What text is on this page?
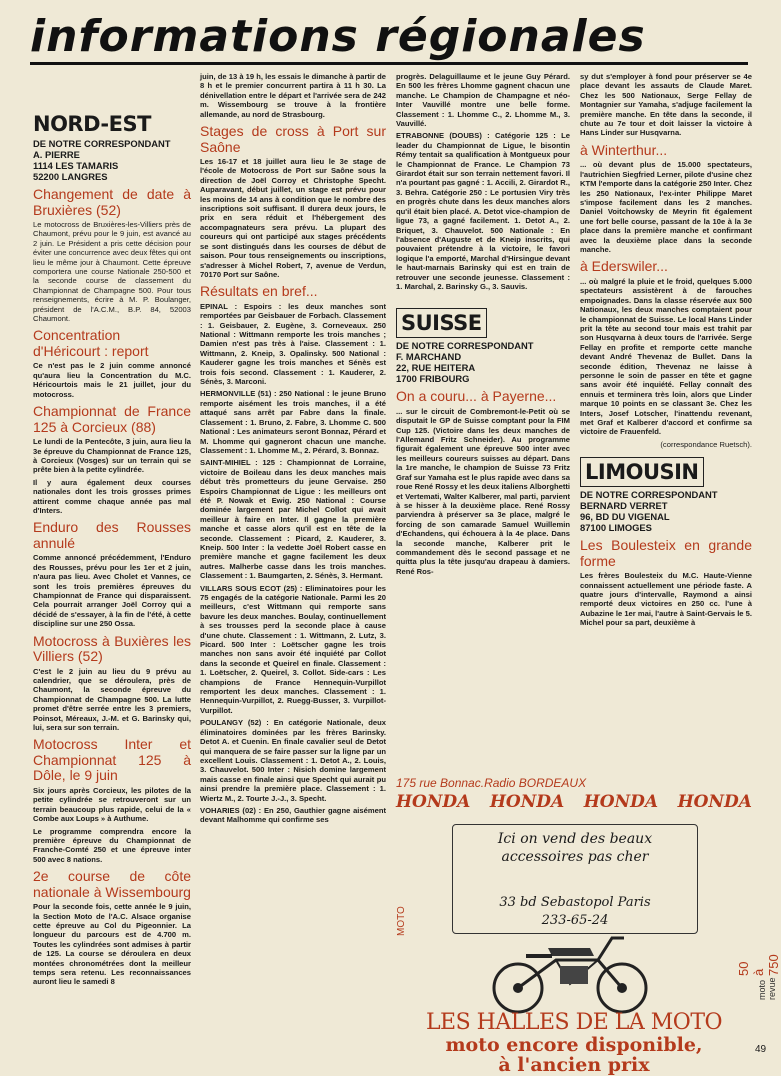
informations régionales
NORD-EST
DE NOTRE CORRESPONDANT
A. PIERRE
1114 LES TAMARIS
52200 LANGRES
Changement de date à Bruxières (52)

Le motocross de Bruxières-les-Villiers près de Chaumont, prévu pour le 9 juin, est avancé au 2 juin. Le Président a pris cette décision pour éviter une concurrence avec deux fêtes qui ont lieu le même jour à Chaumont. Cette épreuve comportera une course Nationale 250-500 et la seconde course de classement du Championnat de Champagne 500. Pour tous renseignements, écrire à M. P. Boulanger, président de l'A.C.M., B.P. 84, 52003 Chaumont.

Concentration d'Héricourt : report

Ce n'est pas le 2 juin comme annoncé qu'aura lieu la Concentration du M.C. Héricourtois mais le 21 juillet, jour du motocross.

Championnat de France 125 à Corcieux (88)

Le lundi de la Pentecôte, 3 juin, aura lieu la 3e épreuve du Championnat de France 125, à Corcieux (Vosges) sur un terrain qui se prête bien à la petite cylindrée.

Il y aura également deux courses nationales dont les trois grosses primes attirent comme chaque année pas mal d'Inters.

Enduro des Rousses annulé

Comme annoncé précédemment, l'Enduro des Rousses, prévu pour les 1er et 2 juin, n'aura pas lieu. Avec Cholet et Vannes, ce sont les trois premières épreuves du Championnat de France qui disparaissent. Cela pourrait arranger Joël Corroy qui a décidé de s'essayer, à la fin de l'été, à cette discipline sur une 250 Ossa.

Motocross à Buxières les Villiers (52)

C'est le 2 juin au lieu du 9 prévu au calendrier, que se déroulera, près de Chaumont, la seconde épreuve du Championnat de Champagne 500. La lutte promet d'être serrée entre les 3 premiers, Poinsot, Méreaux, J.-M. et G. Barinsky qui, lui, sera sur son terrain.

Motocross Inter et Championnat 125 à Dôle, le 9 juin

Six jours après Corcieux, les pilotes de la petite cylindrée se retrouveront sur un terrain beaucoup plus rapide, celui de la « Combe aux Loups » à Authume.

Le programme comprendra encore la première épreuve du Championnat de Franche-Comté 250 et une épreuve inter 500 avec 8 nations.

2e course de côte nationale à Wissembourg

Pour la seconde fois, cette année le 9 juin, la Section Moto de l'A.C. Alsace organise cette épreuve au Col du Pigeonnier. La longueur du parcours est de 4.700 m. Toutes les cylindrées sont admises à partir de 125. La course se déroulera en deux montées chronométrées dont la meilleur temps sera retenu. Les reconnaissances auront lieu le samedi 8

juin, de 13 à 19 h, les essais le dimanche à partir de 8 h et le premier concurrent partira à 11 h 30. La dénivellation entre le départ et l'arrivée sera de 242 m. Wissembourg se trouve à la frontière allemande, au nord de Strasbourg.

Stages de cross à Port sur Saône

Les 16-17 et 18 juillet aura lieu le 3e stage de l'école de Motocross de Port sur Saône sous la direction de Joël Corroy et Christophe Specht. Auparavant, début juillet, un stage est prévu pour les moins de 14 ans à condition que le nombre des inscriptions soit suffisant. Il durera deux jours, le prix en sera réduit et l'hébergement des accompagnateurs sera prévu. La plupart des coureurs qui ont participé aux stages précédents se sont distingués dans les courses de début de saison. Pour tous renseignements ou inscriptions, s'adresser à Michel Robert, 7, avenue de Verdun, 70170 Port sur Saône.

Résultats en bref...

EPINAL : Espoirs : les deux manches sont remportées par Geisbauer de Forbach. Classement : 1. Geisbauer, 2. Eugène, 3. Corneveaux. 250 National : Wittmann remporte les trois manches ; Damien n'est pas très à l'aise. Classement : 1. Wittmann, 2. Kneip, 3. Opalinsky. 500 National : Kauderer gagne les trois manches et Sénès est trois fois second. Classement : 1. Kauderer, 2. Sénès, 3. Marconi.

HERMONVILLE (51) : 250 National : le jeune Bruno remporte aisément les trois manches, il a été attaqué sans arrêt par Fabre dans la finale. Classement : 1. Bruno, 2. Fabre, 3. Lhomme C. 500 National : Les animateurs seront Bonnaz, Pérard et M. Lhomme qui gagneront chacun une manche. Classement : 1. Lhomme M., 2. Pérard, 3. Bonnaz.

SAINT-MIHIEL : 125 : Championnat de Lorraine, victoire de Boileau dans les deux manches mais début très prometteurs du jeune Gervaise. 250 Espoirs Championnat de Ligue : les meilleurs ont été P. Nowak et Ewig. 250 National : Course dominée largement par Michel Collot qui avait meilleur à faire en Inter. Il gagne la première manche et casse alors qu'il est en tête de la seconde. Classement : Picard, 2. Kauderer, 3. Kneip. 500 Inter : la vedette Joël Robert casse en première manche et gagne facilement les deux autres. Malherbe casse dans les trois manches. Classement : 1. Baumgarten, 2. Sénès, 3. Hermant.

VILLARS SOUS ECOT (25) : Eliminatoires pour les 75 engagés de la catégorie Nationale. Parmi les 20 meilleurs, c'est Wittmann qui remporte sans bavure les deux manches. Boulay, continuellement à ses trousses perd la seconde place à cause d'une chute. Classement : 1. Wittmann, 2. Lutz, 3. Picard. 500 Inter : Loëtscher gagne les trois manches non sans avoir été inquiété par Collot dans la seconde et Queirel en finale. Classement : 1. Loëtscher, 2. Queirel, 3. Collot. Side-cars : Les champions de France Hennequin-Vurpillot remportent les deux manches. Classement : 1. Hennequin-Vurpillot, 2. Ruegg-Busser, 3. Vurpillot-Vurpillot.

POULANGY (52) : En catégorie Nationale, deux éliminatoires dominées par les frères Barinsky. Detot A. et Cuenin. En finale cavalier seul de Detot qui manquera de se faire passer sur la ligne par un excellent Louis. Classement : 1. Detot A., 2. Louis, 3. Chauvelot. 500 Inter : Nisich domine largement mais casse en finale ainsi que Specht qui aurait pu ainsi prendre la première place. Classement : 1. Wiertz M., 2. Tourte J.-J., 3. Specht.

VOHARIES (02) : En 250, Gauthier gagne aisément devant Malhomme qui confirme ses

progrès. Delaguillaume et le jeune Guy Pérard. En 500 les frères Lhomme gagnent chacun une manche. Le Champion de Champagne et néo-Inter Vauvillé montre une belle forme. Classement : 1. Lhomme C., 2. Lhomme M., 3. Vauvillé.

ETRABONNE (DOUBS) : Catégorie 125 : Le leader du Championnat de Ligue, le bisontin Rémy tentait sa qualification à Montgueux pour le Championnat de France. Le Champion 73 Girardot était sur son terrain nettement favori. Il n'a pourtant pas gagné : 1. Accili, 2. Girardot R., 3. Behra. Catégorie 250 : Le portusien Viry très en progrès chute dans les deux manches alors qu'il était bien placé. A. Detot vice-champion de ligue 73, a gagné facilement. 1. Detot A., 2. Briquet, 3. Chauvelot. 500 Nationale : En l'absence d'Auguste et de Kneip inscrits, qui pouvaient prétendre à la victoire, le favori logique l'a emporté, Marchal d'Hirsingue devant le haut-marnais Barinsky qui est en train de retrouver une seconde jeunesse. Classement : 1. Marchal, 2. Barinsky G., 3. Sauvis.

SUISSE
DE NOTRE CORRESPONDANT
F. MARCHAND
22, RUE HEITERA
1700 FRIBOURG
On a couru... à Payerne...

... sur le circuit de Combremont-le-Petit où se disputait le GP de Suisse comptant pour la FIM Cup 125. (Victoire dans les deux manches de l'Allemand Fritz Schneider). Au programme figurait également une épreuve 500 inter avec les meilleurs coureurs suisses au départ. Dans la 1re manche, le champion de Suisse 73 Fritz Graf sur Yamaha est le plus rapide avec dans sa roue René Rossy et les deux italiens Alborghetti et Vertemati, Walter Kalberer, mal parti, parvient à se hisser à la deuxième place. René Rossy parviendra à préserver sa 3e place, malgré le forcing de son camarade Samuel Wuillemin d'Echandens, qui échouera à la 4e place. Dans la seconde manche, Kalberer prit le commandement dès le second passage et ne quitta plus la tête jusqu'au drapeau à damiers. René Ros-

sy dut s'employer à fond pour préserver se 4e place devant les assauts de Claude Maret. Chez les 500 Nationaux, Serge Fellay de Montagnier sur Yamaha, s'adjuge facilement la première manche. En tête dans la seconde, il chute au 7e tour et doit laisser la victoire à Hans Linder sur Husqvarna.

à Winterthur...

... où devant plus de 15.000 spectateurs, l'autrichien Siegfried Lerner, pilote d'usine chez KTM l'emporte dans la catégorie 250 Inter. Chez les 250 Nationaux, l'ex-inter Philippe Maret s'impose facilement dans les 2 manches. Daniel Voitchowsky de Meyrin fit également une fort belle course, passant de la 10e à la 3e place dans la première manche et confirmant avec la deuxième place dans la seconde manche.

à Ederswiler...

... où malgré la pluie et le froid, quelques 5.000 spectateurs assistèrent à de farouches empoignades. Dans la classe réservée aux 500 Nationaux, les deux manches comptaient pour le championnat de Suisse. Le local Hans Linder prit la tête au second tour mais est trahit par son Husqvarna à deux tours de l'arrivée. Serge Fellay en profite et remporte cette manche devant André Thevenaz de Bullet. Dans la seconde édition, Thevenaz ne laisse à personne le soin de passer en tête et gagne sans avoir été inquiété. Fellay connaît des ennuis et terminera très loin, alors que Linder marque 10 points en se classant 3e. Chez les Inters, Josef Lotscher, l'inattendu revenant, met Graf et Kalberer d'accord et confirme sa victoire de Frauenfeld.

(correspondance Ruetsch).
LIMOUSIN
DE NOTRE CORRESPONDANT
BERNARD VERRET
96, BD DU VIGENAL
87100 LIMOGES
Les Boulesteix en grande forme

Les frères Boulesteix du M.C. Haute-Vienne connaissent actuellement une période faste. A quatre jours d'intervalle, Raymond a ainsi remporté deux victoires en 250 cc. l'une à Aubazine le 1er mai, l'autre à Saint-Gervais le 5. Michel pour sa part, deuxième à

175 rue Bonnac.Radio BORDEAUX
HONDA HONDA HONDA HONDA
Ici on vend des beaux
accessoires pas cher
33 bd Sebastopol Paris
233-65-24
MOTO
50 à 750
LES HALLES DE LA MOTO
moto encore disponible,
à l'ancien prix
moto revue
49
